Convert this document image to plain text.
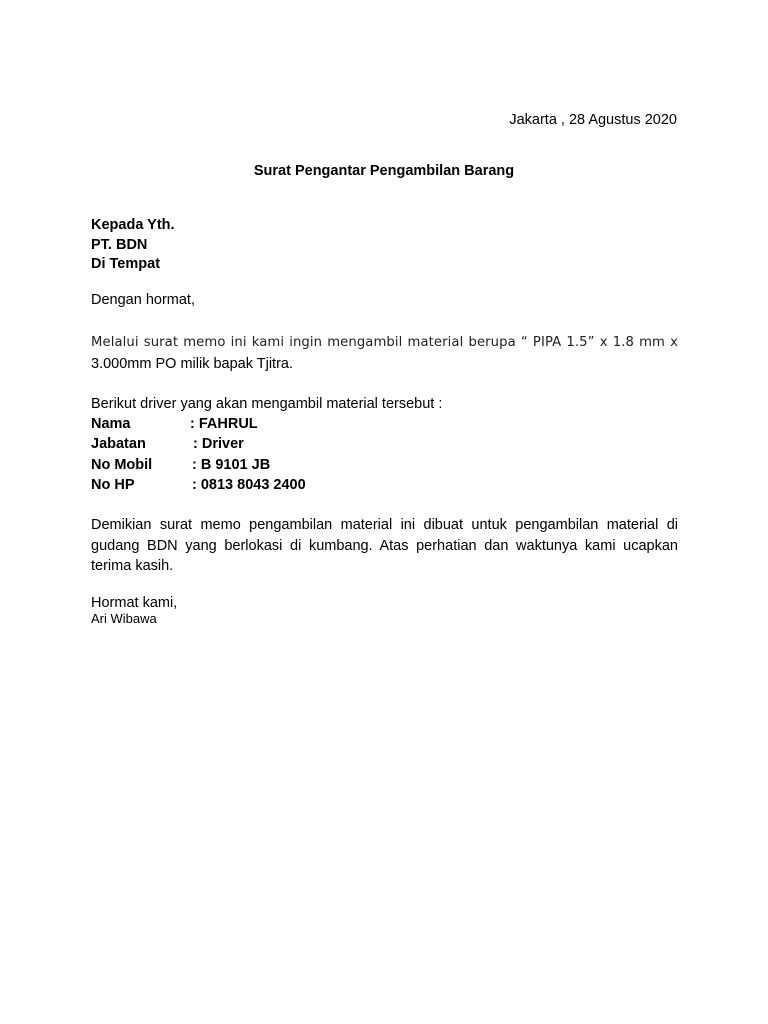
Jakarta , 28 Agustus 2020
Surat Pengantar Pengambilan Barang
Kepada Yth.
PT. BDN
Di Tempat
Dengan hormat,
Melalui surat memo ini kami ingin mengambil material berupa “ PIPA 1.5” x 1.8 mm x 3.000mm PO milik bapak Tjitra.
Berikut driver yang akan mengambil material tersebut :
Nama	: FAHRUL
Jabatan	: Driver
No Mobil	: B 9101 JB
No HP	: 0813 8043 2400
Demikian surat memo pengambilan material ini dibuat untuk pengambilan material di gudang BDN yang berlokasi di kumbang. Atas perhatian dan waktunya kami ucapkan terima kasih.
Hormat kami,
Ari Wibawa
